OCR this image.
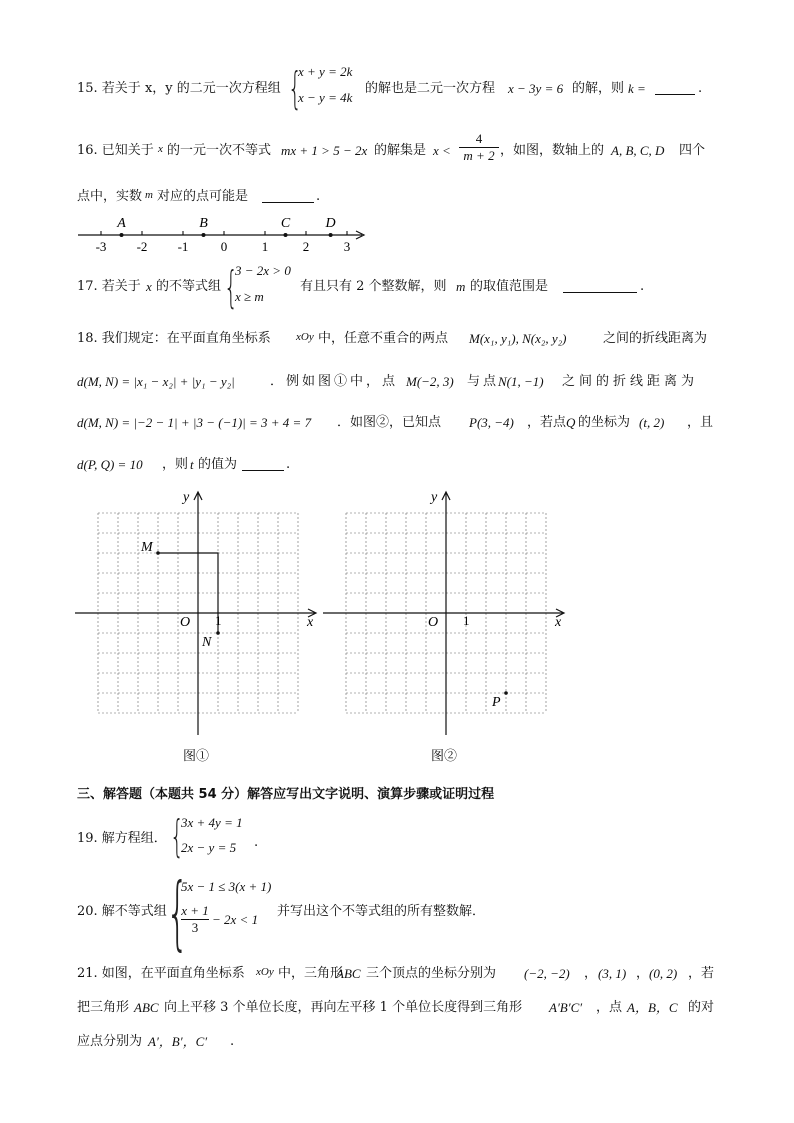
15. 若关于 x，y 的二元一次方程组 {
x + y = 2k
x − y = 4k
的解也是二元一次方程 x − 3y = 6 的解，则 k =	.
16. 已知关于 x 的一元一次不等式 mx + 1 > 5 − 2x 的解集是 $x < \frac{4}{m + 2}$ ，如图，数轴上的 A, B, C, D 四个
点中，实数 m 对应的点可能是	.
-3 -2 -1 0	1	2	3
A	B	C	D
17. 若关于 x 的不等式组 {
3 − 2x > 0
x ≥ m
有且只有 2 个整数解，则 m 的取值范围是	.
18. 我们规定：在平面直角坐标系 xOy 中，任意不重合的两点 M(x₁, y₁), N(x₂, y₂)	之间的折线距离为
d(M, N) = |x₁ − x₂| + |y₁ − y₂|	．例如图①中，点 M(−2, 3) 与点
N(1, −1) 之间的折线距离为
d(M, N) = |−2 − 1| + |3 − (−1)| = 3 + 4 = 7 ．如图②，已知点 P(3, −4) ，若点 Q 的坐标为 (t, 2) ，且
d(P, Q) = 10 ，则 t 的值为	.
x
y
O 1
M
N
图①
x
y
O 1
P
图②
三、解答题（本题共 54 分）解答应写出文字说明、演算步骤或证明过程
19. 解方程组． {
3x + 4y = 1
2x − y = 5 .
20. 解不等式组 {
5x − 1 ≤ 3(x + 1)
$\frac{x + 1}{3} - 2x < 1$
并写出这个不等式组的所有整数解．
21. 如图，在平面直角坐标系 xOy 中，三角形
ABC 三个顶点的坐标分别为 (−2, −2) ， (3, 1) ， (0, 2) ，若
把三角形 ABC 向上平移 3 个单位长度，再向左平移 1 个单位长度得到三角形 A′B′C′ ，点 A，B，C 的对
应点分别为 A′，B′，C′ .
